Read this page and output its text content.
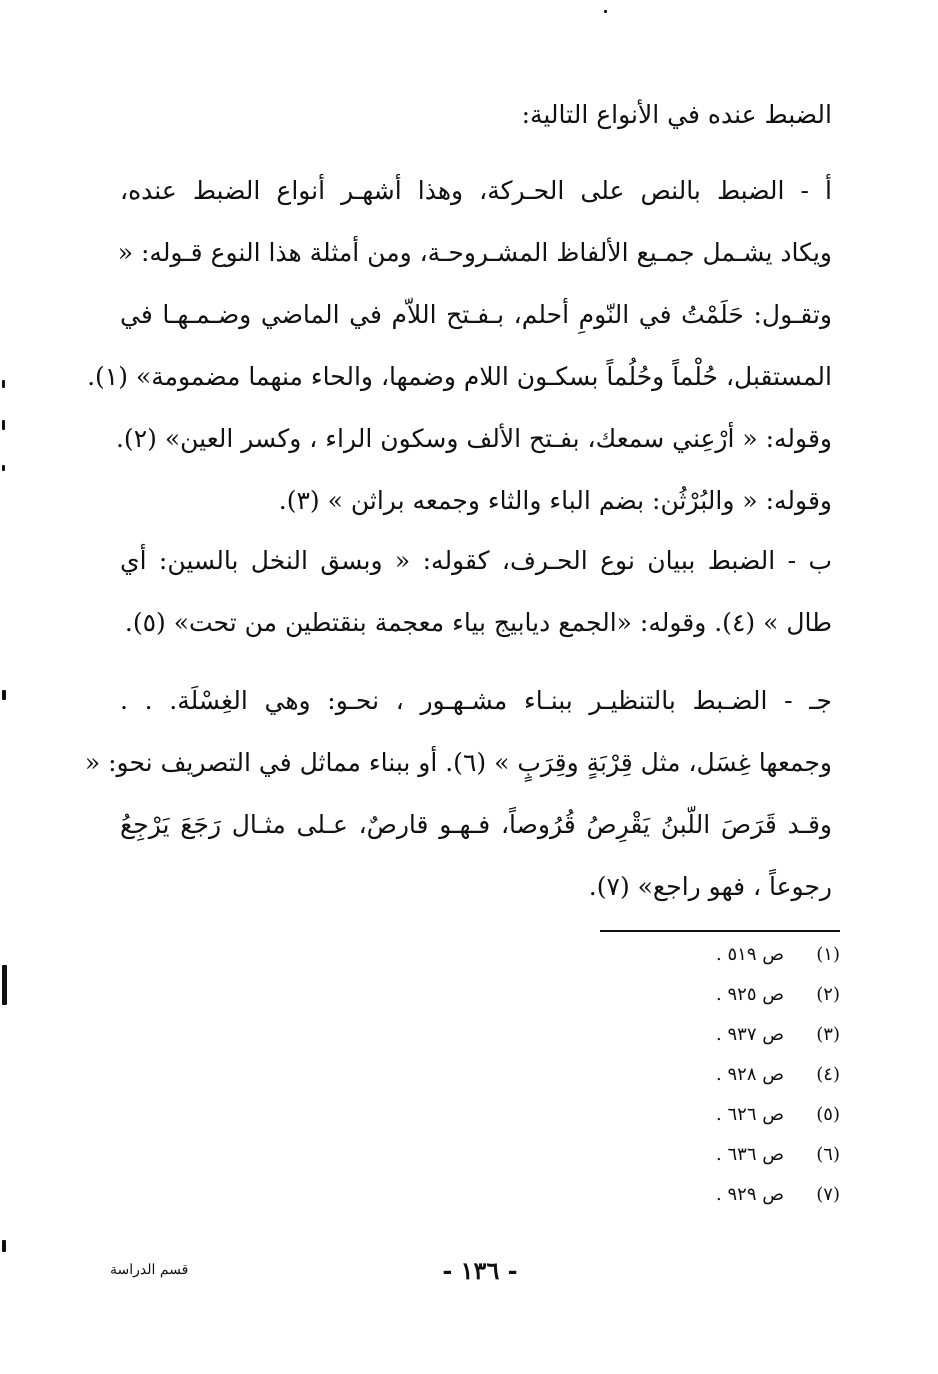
الضبط عنده في الأنواع التالية:

أ - الضبط بالنص على الحـركة، وهذا أشهـر أنواع الضبط عنده،
ويكاد يشـمل جمـيع الألفاظ المشـروحـة، ومن أمثلة هذا النوع قـوله: «
وتقـول: حَلَمْتُ في النّومِ أحلم، بـفـتح اللاّم في الماضي وضـمـهـا في
المستقبل، حُلْماً وحُلُماً بسكـون اللام وضمها، والحاء منهما مضمومة» (١).
وقوله: « أرْعِني سمعك، بفـتح الألف وسكون الراء ، وكسر العين» (٢).
وقوله: « والبُرْثُن: بضم الباء والثاء وجمعه براثن » (٣).

ب - الضبط ببيان نوع الحـرف، كقوله: « وبسق النخل بالسين: أي
طال » (٤). وقوله: «الجمع ديابيج بياء معجمة بنقتطين من تحت» (٥).

جـ - الضـبط بالتنظيـر ببنـاء مشـهـور ، نحـو: وهي الغِسْلَة. . .
وجمعها غِسَل، مثل قِرْبَةٍ وقِرَبٍ » (٦). أو ببناء مماثل في التصريف نحو: «
وقـد قَرَصَ اللّبنُ يَقْرِصُ قُرُوصاً، فـهـو قارصٌ، عـلى مثـال رَجَعَ يَرْجِعُ
رجوعاً ، فهو راجع» (٧).

(١)
ص ٥١٩ .
(٢)
ص ٩٢٥ .
(٣)
ص ٩٣٧ .
(٤)
ص ٩٢٨ .
(٥)
ص ٦٢٦ .
(٦)
ص ٦٣٦ .
(٧)
ص ٩٢٩ .
- ١٣٦ -
قسم الدراسة
